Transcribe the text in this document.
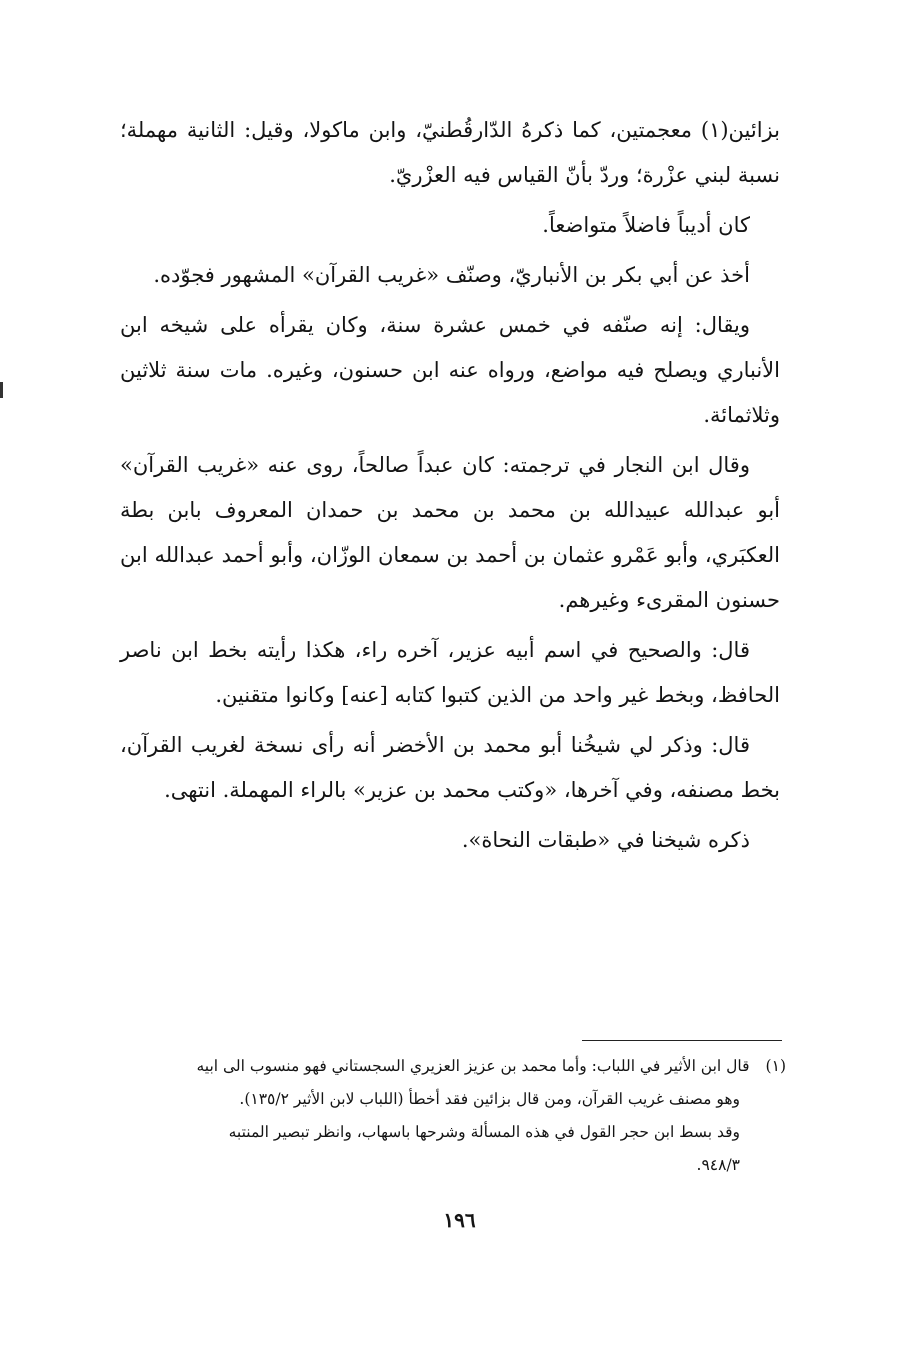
بزائين(١) معجمتين، كما ذكرهُ الدّارقُطنيّ، وابن ماكولا، وقيل: الثانية مهملة؛ نسبة لبني عزْرة؛ وردّ بأنّ القياس فيه العزْريّ.

كان أديباً فاضلاً متواضعاً.

أخذ عن أبي بكر بن الأنباريّ، وصنّف «غريب القرآن» المشهور فجوّده.

ويقال: إنه صنّفه في خمس عشرة سنة، وكان يقرأه على شيخه ابن الأنباري ويصلح فيه مواضع، ورواه عنه ابن حسنون، وغيره. مات سنة ثلاثين وثلاثمائة.

وقال ابن النجار في ترجمته: كان عبداً صالحاً، روى عنه «غريب القرآن» أبو عبدالله عبيدالله بن محمد بن محمد بن حمدان المعروف بابن بطة العكبَري، وأبو عَمْرو عثمان بن أحمد بن سمعان الوزّان، وأبو أحمد عبدالله ابن حسنون المقرىء وغيرهم.

قال: والصحيح في اسم أبيه عزير، آخره راء، هكذا رأيته بخط ابن ناصر الحافظ، وبخط غير واحد من الذين كتبوا كتابه [عنه] وكانوا متقنين.

قال: وذكر لي شيخُنا أبو محمد بن الأخضر أنه رأى نسخة لغريب القرآن، بخط مصنفه، وفي آخرها، «وكتب محمد بن عزير» بالراء المهملة. انتهى.

ذكره شيخنا في «طبقات النحاة».

(١)قال ابن الأثير في اللباب: وأما محمد بن عزيز العزيري السجستاني فهو منسوب الى ابيه

وهو مصنف غريب القرآن، ومن قال بزائين فقد أخطأ (اللباب لابن الأثير ١٣٥/٢).

وقد بسط ابن حجر القول في هذه المسألة وشرحها باسهاب، وانظر تبصير المنتبه

٩٤٨/٣.

١٩٦
